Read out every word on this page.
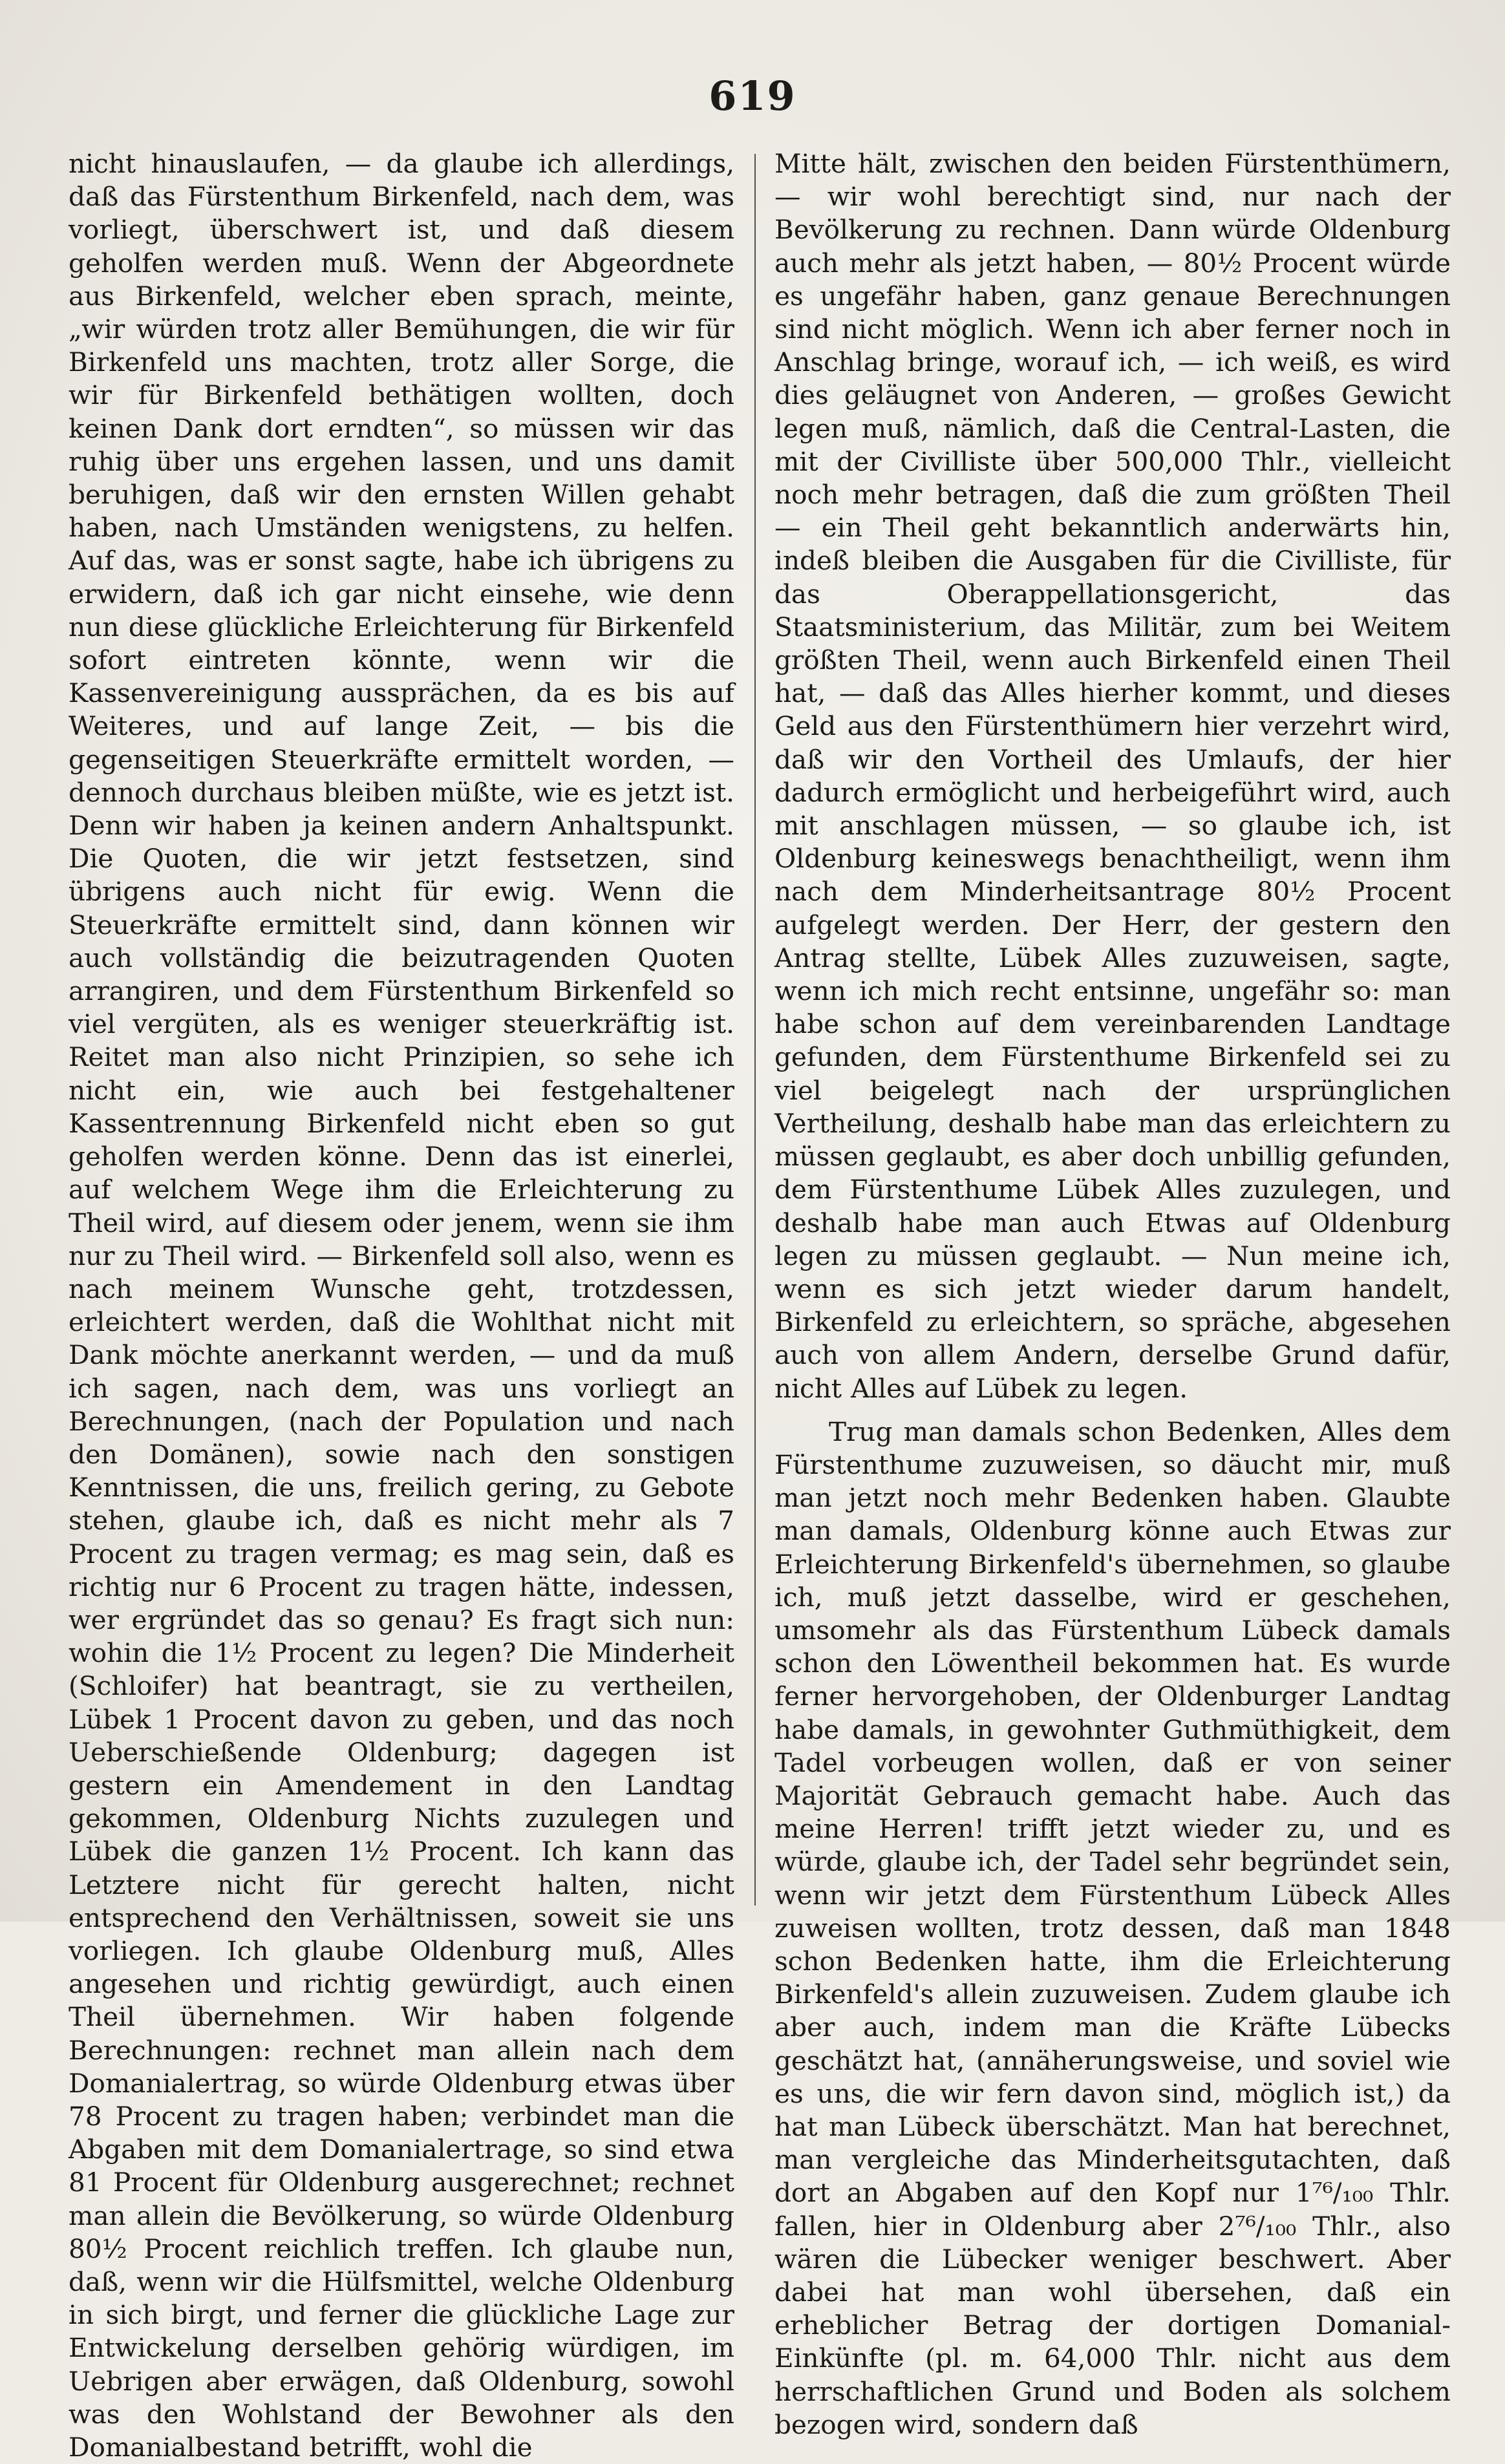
619

nicht hinauslaufen, — da glaube ich allerdings, daß das Fürstenthum Birkenfeld, nach dem, was vorliegt, überschwert ist, und daß diesem geholfen werden muß. Wenn der Abgeordnete aus Birkenfeld, welcher eben sprach, meinte, „wir würden trotz aller Bemühungen, die wir für Birkenfeld uns machten, trotz aller Sorge, die wir für Birkenfeld bethätigen wollten, doch keinen Dank dort erndten“, so müssen wir das ruhig über uns ergehen lassen, und uns damit beruhigen, daß wir den ernsten Willen gehabt haben, nach Umständen wenigstens, zu helfen. Auf das, was er sonst sagte, habe ich übrigens zu erwidern, daß ich gar nicht einsehe, wie denn nun diese glückliche Erleichterung für Birkenfeld sofort eintreten könnte, wenn wir die Kassenvereinigung aussprächen, da es bis auf Weiteres, und auf lange Zeit, — bis die gegenseitigen Steuerkräfte ermittelt worden, — dennoch durchaus bleiben müßte, wie es jetzt ist. Denn wir haben ja keinen andern Anhaltspunkt. Die Quoten, die wir jetzt festsetzen, sind übrigens auch nicht für ewig. Wenn die Steuerkräfte ermittelt sind, dann können wir auch vollständig die beizutragenden Quoten arrangiren, und dem Fürstenthum Birkenfeld so viel vergüten, als es weniger steuerkräftig ist. Reitet man also nicht Prinzipien, so sehe ich nicht ein, wie auch bei festgehaltener Kassentrennung Birkenfeld nicht eben so gut geholfen werden könne. Denn das ist einerlei, auf welchem Wege ihm die Erleichterung zu Theil wird, auf diesem oder jenem, wenn sie ihm nur zu Theil wird. — Birkenfeld soll also, wenn es nach meinem Wunsche geht, trotzdessen, erleichtert werden, daß die Wohlthat nicht mit Dank möchte anerkannt werden, — und da muß ich sagen, nach dem, was uns vorliegt an Berechnungen, (nach der Population und nach den Domänen), sowie nach den sonstigen Kenntnissen, die uns, freilich gering, zu Gebote stehen, glaube ich, daß es nicht mehr als 7 Procent zu tragen vermag; es mag sein, daß es richtig nur 6 Procent zu tragen hätte, indessen, wer ergründet das so genau? Es fragt sich nun: wohin die 1½ Procent zu legen? Die Minderheit (Schloifer) hat beantragt, sie zu vertheilen, Lübek 1 Procent davon zu geben, und das noch Ueberschießende Oldenburg; dagegen ist gestern ein Amendement in den Landtag gekommen, Oldenburg Nichts zuzulegen und Lübek die ganzen 1½ Procent. Ich kann das Letztere nicht für gerecht halten, nicht entsprechend den Verhältnissen, soweit sie uns vorliegen. Ich glaube Oldenburg muß, Alles angesehen und richtig gewürdigt, auch einen Theil übernehmen. Wir haben folgende Berechnungen: rechnet man allein nach dem Domanialertrag, so würde Oldenburg etwas über 78 Procent zu tragen haben; verbindet man die Abgaben mit dem Domanialertrage, so sind etwa 81 Procent für Oldenburg ausgerechnet; rechnet man allein die Bevölkerung, so würde Oldenburg 80½ Procent reichlich treffen. Ich glaube nun, daß, wenn wir die Hülfsmittel, welche Oldenburg in sich birgt, und ferner die glückliche Lage zur Entwickelung derselben gehörig würdigen, im Uebrigen aber erwägen, daß Oldenburg, sowohl was den Wohlstand der Bewohner als den Domanialbestand betrifft, wohl die

Mitte hält, zwischen den beiden Fürstenthümern, — wir wohl berechtigt sind, nur nach der Bevölkerung zu rechnen. Dann würde Oldenburg auch mehr als jetzt haben, — 80½ Procent würde es ungefähr haben, ganz genaue Berechnungen sind nicht möglich. Wenn ich aber ferner noch in Anschlag bringe, worauf ich, — ich weiß, es wird dies geläugnet von Anderen, — großes Gewicht legen muß, nämlich, daß die Central-Lasten, die mit der Civilliste über 500,000 Thlr., vielleicht noch mehr betragen, daß die zum größten Theil — ein Theil geht bekanntlich anderwärts hin, indeß bleiben die Ausgaben für die Civilliste, für das Oberappellationsgericht, das Staatsministerium, das Militär, zum bei Weitem größten Theil, wenn auch Birkenfeld einen Theil hat, — daß das Alles hierher kommt, und dieses Geld aus den Fürstenthümern hier verzehrt wird, daß wir den Vortheil des Umlaufs, der hier dadurch ermöglicht und herbeigeführt wird, auch mit anschlagen müssen, — so glaube ich, ist Oldenburg keineswegs benachtheiligt, wenn ihm nach dem Minderheitsantrage 80½ Procent aufgelegt werden. Der Herr, der gestern den Antrag stellte, Lübek Alles zuzuweisen, sagte, wenn ich mich recht entsinne, ungefähr so: man habe schon auf dem vereinbarenden Landtage gefunden, dem Fürstenthume Birkenfeld sei zu viel beigelegt nach der ursprünglichen Vertheilung, deshalb habe man das erleichtern zu müssen geglaubt, es aber doch unbillig gefunden, dem Fürstenthume Lübek Alles zuzulegen, und deshalb habe man auch Etwas auf Oldenburg legen zu müssen geglaubt. — Nun meine ich, wenn es sich jetzt wieder darum handelt, Birkenfeld zu erleichtern, so spräche, abgesehen auch von allem Andern, derselbe Grund dafür, nicht Alles auf Lübek zu legen.

Trug man damals schon Bedenken, Alles dem Fürstenthume zuzuweisen, so däucht mir, muß man jetzt noch mehr Bedenken haben. Glaubte man damals, Oldenburg könne auch Etwas zur Erleichterung Birkenfeld's übernehmen, so glaube ich, muß jetzt dasselbe, wird er geschehen, umsomehr als das Fürstenthum Lübeck damals schon den Löwentheil bekommen hat. Es wurde ferner hervorgehoben, der Oldenburger Landtag habe damals, in gewohnter Guthmüthigkeit, dem Tadel vorbeugen wollen, daß er von seiner Majorität Gebrauch gemacht habe. Auch das meine Herren! trifft jetzt wieder zu, und es würde, glaube ich, der Tadel sehr begründet sein, wenn wir jetzt dem Fürstenthum Lübeck Alles zuweisen wollten, trotz dessen, daß man 1848 schon Bedenken hatte, ihm die Erleichterung Birkenfeld's allein zuzuweisen. Zudem glaube ich aber auch, indem man die Kräfte Lübecks geschätzt hat, (annäherungsweise, und soviel wie es uns, die wir fern davon sind, möglich ist,) da hat man Lübeck überschätzt. Man hat berechnet, man vergleiche das Minderheitsgutachten, daß dort an Abgaben auf den Kopf nur 1⁷⁶/₁₀₀ Thlr. fallen, hier in Oldenburg aber 2⁷⁶/₁₀₀ Thlr., also wären die Lübecker weniger beschwert. Aber dabei hat man wohl übersehen, daß ein erheblicher Betrag der dortigen Domanial-Einkünfte (pl. m. 64,000 Thlr. nicht aus dem herrschaftlichen Grund und Boden als solchem bezogen wird, sondern daß
